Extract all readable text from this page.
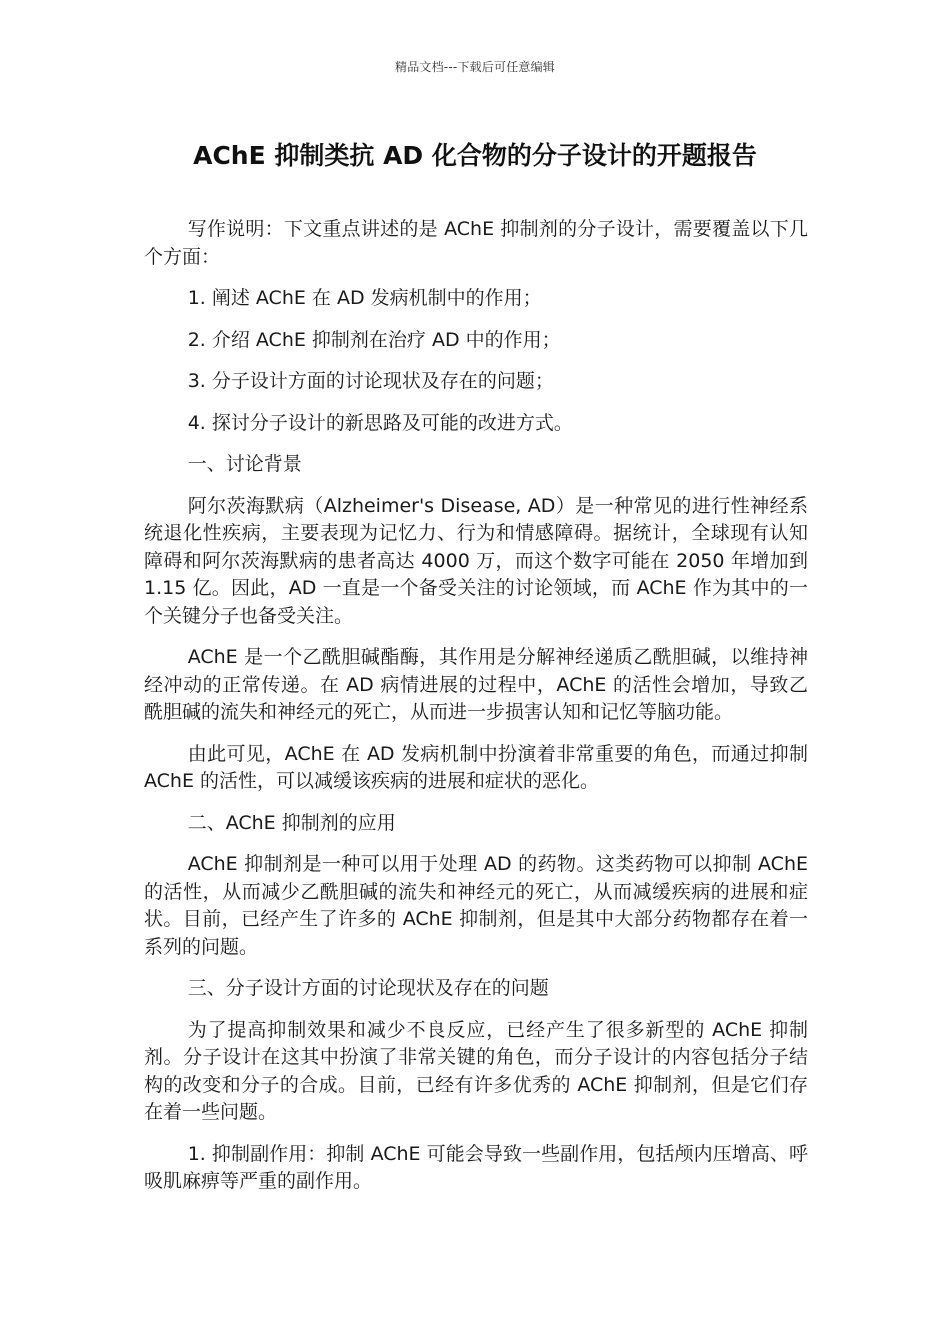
精品文档---下载后可任意编辑
AChE 抑制类抗 AD 化合物的分子设计的开题报告

写作说明：下文重点讲述的是 AChE 抑制剂的分子设计，需要覆盖以下几个方面：

1. 阐述 AChE 在 AD 发病机制中的作用；

2. 介绍 AChE 抑制剂在治疗 AD 中的作用；

3. 分子设计方面的讨论现状及存在的问题；

4. 探讨分子设计的新思路及可能的改进方式。

一、讨论背景

阿尔茨海默病（Alzheimer's Disease, AD）是一种常见的进行性神经系统退化性疾病，主要表现为记忆力、行为和情感障碍。据统计，全球现有认知障碍和阿尔茨海默病的患者高达 4000 万，而这个数字可能在 2050 年增加到 1.15 亿。因此，AD 一直是一个备受关注的讨论领域，而 AChE 作为其中的一个关键分子也备受关注。

AChE 是一个乙酰胆碱酯酶，其作用是分解神经递质乙酰胆碱，以维持神经冲动的正常传递。在 AD 病情进展的过程中，AChE 的活性会增加，导致乙酰胆碱的流失和神经元的死亡，从而进一步损害认知和记忆等脑功能。

由此可见，AChE 在 AD 发病机制中扮演着非常重要的角色，而通过抑制 AChE 的活性，可以减缓该疾病的进展和症状的恶化。

二、AChE 抑制剂的应用

AChE 抑制剂是一种可以用于处理 AD 的药物。这类药物可以抑制 AChE 的活性，从而减少乙酰胆碱的流失和神经元的死亡，从而减缓疾病的进展和症状。目前，已经产生了许多的 AChE 抑制剂，但是其中大部分药物都存在着一系列的问题。

三、分子设计方面的讨论现状及存在的问题

为了提高抑制效果和减少不良反应，已经产生了很多新型的 AChE 抑制剂。分子设计在这其中扮演了非常关键的角色，而分子设计的内容包括分子结构的改变和分子的合成。目前，已经有许多优秀的 AChE 抑制剂，但是它们存在着一些问题。

1. 抑制副作用：抑制 AChE 可能会导致一些副作用，包括颅内压增高、呼吸肌麻痹等严重的副作用。
